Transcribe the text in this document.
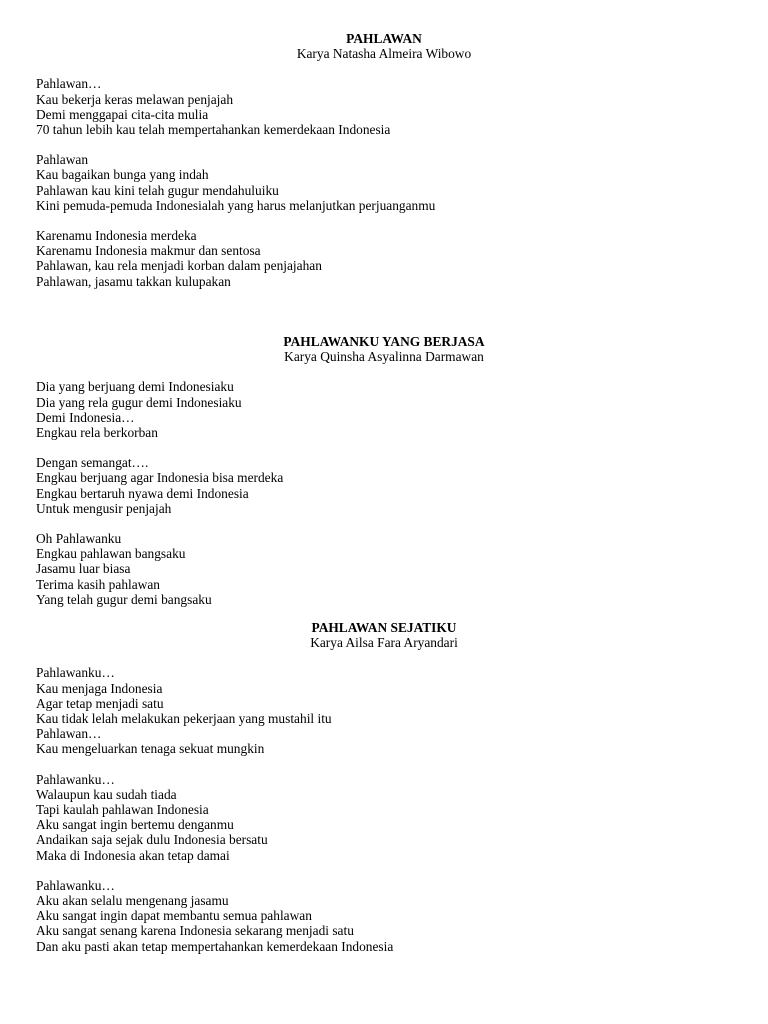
PAHLAWAN
Karya Natasha Almeira Wibowo
Pahlawan…
Kau bekerja keras melawan penjajah
Demi menggapai cita-cita mulia
70 tahun lebih kau telah mempertahankan kemerdekaan Indonesia
Pahlawan
Kau bagaikan bunga yang indah
Pahlawan kau kini telah gugur mendahuluiku
Kini pemuda-pemuda Indonesialah yang harus melanjutkan perjuanganmu
Karenamu Indonesia merdeka
Karenamu Indonesia makmur dan sentosa
Pahlawan, kau rela menjadi korban dalam penjajahan
Pahlawan, jasamu takkan kulupakan
PAHLAWANKU YANG BERJASA
Karya Quinsha Asyalinna Darmawan
Dia yang berjuang demi Indonesiaku
Dia yang rela gugur demi Indonesiaku
Demi Indonesia…
Engkau rela berkorban
Dengan semangat….
Engkau berjuang agar Indonesia bisa merdeka
Engkau bertaruh nyawa demi Indonesia
Untuk mengusir penjajah
Oh Pahlawanku
Engkau pahlawan bangsaku
Jasamu luar biasa
Terima kasih pahlawan
Yang telah gugur demi bangsaku
PAHLAWAN SEJATIKU
Karya Ailsa Fara Aryandari
Pahlawanku…
Kau menjaga Indonesia
Agar tetap menjadi satu
Kau tidak lelah melakukan pekerjaan yang mustahil itu
Pahlawan…
Kau mengeluarkan tenaga sekuat mungkin
Pahlawanku…
Walaupun kau sudah tiada
Tapi kaulah pahlawan Indonesia
Aku sangat ingin bertemu denganmu
Andaikan saja sejak dulu Indonesia bersatu
Maka di Indonesia akan tetap damai
Pahlawanku…
Aku akan selalu mengenang jasamu
Aku sangat ingin dapat membantu semua pahlawan
Aku sangat senang karena Indonesia sekarang menjadi satu
Dan aku pasti akan tetap mempertahankan kemerdekaan Indonesia
